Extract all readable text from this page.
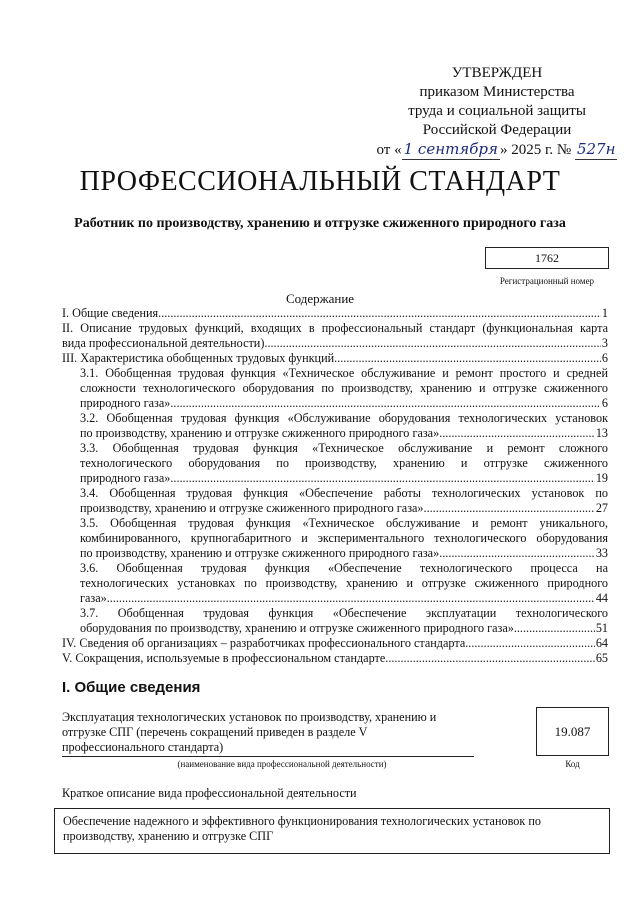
УТВЕРЖДЕН
приказом Министерства
труда и социальной защиты
Российской Федерации
от « 1 сентября » 2025 г. № 527н
ПРОФЕССИОНАЛЬНЫЙ СТАНДАРТ
Работник по производству, хранению и отгрузке сжиженного природного газа
1762
Регистрационный номер
Содержание
I. Общие сведения .....	1
II. Описание трудовых функций, входящих в профессиональный стандарт (функциональная карта
вида профессиональной деятельности) .....	3
III. Характеристика обобщенных трудовых функций .....	6
3.1. Обобщенная трудовая функция «Техническое обслуживание и ремонт простого и средней
сложности технологического оборудования по производству, хранению и отгрузке сжиженного
природного газа» .....	6
3.2. Обобщенная трудовая функция «Обслуживание оборудования технологических установок
по производству, хранению и отгрузке сжиженного природного газа» .....	13
3.3. Обобщенная трудовая функция «Техническое обслуживание и ремонт сложного
технологического оборудования по производству, хранению и отгрузке сжиженного
природного газа» .....	19
3.4. Обобщенная трудовая функция «Обеспечение работы технологических установок по
производству, хранению и отгрузке сжиженного природного газа» .....	27
3.5. Обобщенная трудовая функция «Техническое обслуживание и ремонт уникального,
комбинированного, крупногабаритного и экспериментального технологического оборудования
по производству, хранению и отгрузке сжиженного природного газа» .....	33
3.6. Обобщенная трудовая функция «Обеспечение технологического процесса на
технологических установках по производству, хранению и отгрузке сжиженного природного
газа» .....	44
3.7. Обобщенная трудовая функция «Обеспечение эксплуатации технологического
оборудования по производству, хранению и отгрузке сжиженного природного газа» .....	51
IV. Сведения об организациях – разработчиках профессионального стандарта .....	64
V. Сокращения, используемые в профессиональном стандарте .....	65
I. Общие сведения
Эксплуатация технологических установок по производству, хранению и
отгрузке СПГ (перечень сокращений приведен в разделе V
профессионального стандарта)
(наименование вида профессиональной деятельности)
19.087
Код
Краткое описание вида профессиональной деятельности
Обеспечение надежного и эффективного функционирования технологических установок по
производству, хранению и отгрузке СПГ
